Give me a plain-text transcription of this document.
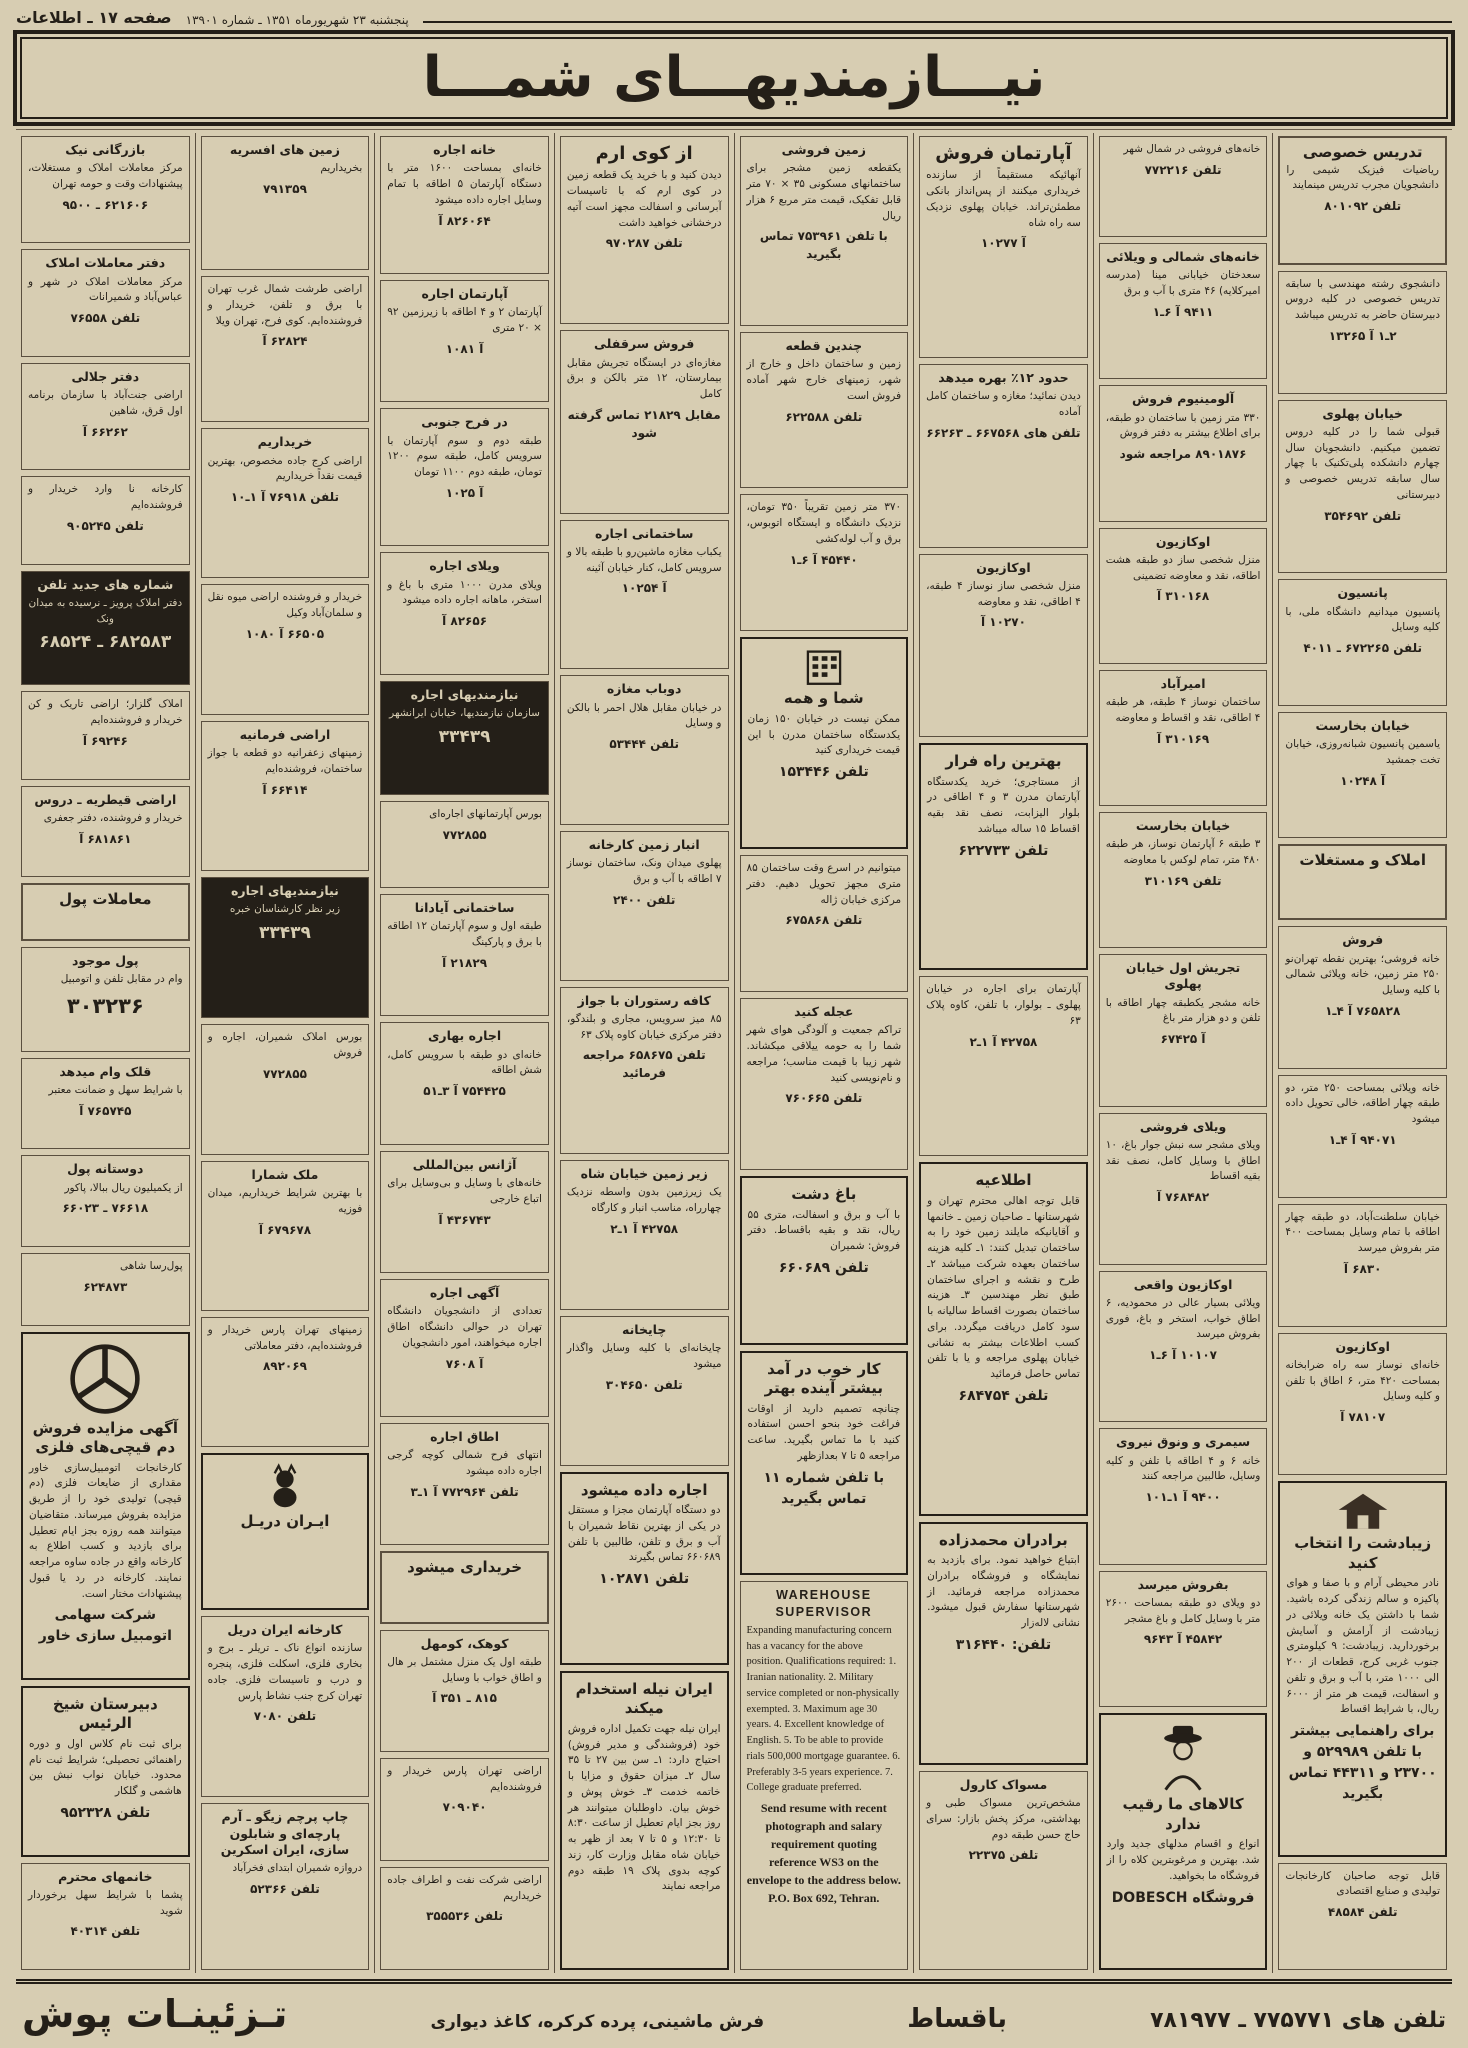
پنجشنبه ۲۳ شهریورماه ۱۳۵۱ ـ شماره ۱۳۹۰۱
صفحه ۱۷ ـ اطلاعات
نیـــازمندیهـــای شمـــا
تدریس خصوصی
ریاضیات فیزیک شیمی را دانشجویان مجرب تدریس مینمایند
تلفن ۸۰۱۰۹۲
دانشجوی رشته مهندسی با سابقه تدریس خصوصی در کلیه دروس دبیرستان حاضر به تدریس میباشد
۲ـ۱ آ ۱۳۲۶۵
خیابان پهلوی
قبولی شما را در کلیه دروس تضمین میکنیم. دانشجویان سال چهارم دانشکده پلی‌تکنیک با چهار سال سابقه تدریس خصوصی و دبیرستانی
تلفن ۳۵۴۶۹۲
پانسیون
پانسیون میدانیم دانشگاه ملی، با کلیه وسایل
تلفن ۶۷۲۲۶۵ ـ ۴۰۱۱
خیابان بخارست
یاسمین پانسیون شبانه‌روزی، خیابان تخت جمشید
آ ۱۰۲۴۸
املاک و مستغلات
فروش
خانه فروشی؛ بهترین نقطه تهران‌نو ۲۵۰ متر زمین، خانه ویلائی شمالی با کلیه وسایل
۷۶۵۸۲۸ آ ۴ـ۱
خانه ویلائی بمساحت ۲۵۰ متر، دو طبقه چهار اطاقه، خالی تحویل داده میشود
۹۴۰۷۱ آ ۴ـ۱
خیابان سلطنت‌آباد، دو طبقه چهار اطاقه با تمام وسایل بمساحت ۴۰۰ متر بفروش میرسد
۶۸۳۰ آ
اوکازیون
خانه‌ای نوساز سه راه ضرابخانه بمساحت ۴۲۰ متر، ۶ اطاق با تلفن و کلیه وسایل
۷۸۱۰۷ آ
زیبادشت را انتخاب کنید
نادر محیطی آرام و با صفا و هوای پاکیزه و سالم زندگی کرده باشید. شما با داشتن یک خانه ویلائی در زیبادشت از آرامش و آسایش برخوردارید. زیبادشت: ۹ کیلومتری جنوب غربی کرج، قطعات از ۲۰۰ الی ۱۰۰۰ متر، با آب و برق و تلفن و اسفالت، قیمت هر متر از ۶۰۰۰ ریال، با شرایط اقساط
برای راهنمایی بیشتر با تلفن ۵۲۹۹۸۹ و ۲۳۷۰۰ و ۴۴۳۱۱ تماس بگیرید
قابل توجه صاحبان کارخانجات تولیدی و صنایع اقتصادی
تلفن ۴۸۵۸۴
خانه‌های فروشی در شمال شهر
تلفن ۷۷۲۲۱۶
خانه‌های شمالی و ویلائی
سعدختان خیابانی مینا (مدرسه امیرکلایه) ۴۶ متری با آب و برق
۹۴۱۱ آ ۶ـ۱
آلومینیوم فروش
۳۳۰ متر زمین با ساختمان دو طبقه، برای اطلاع بیشتر به دفتر فروش
۸۹۰۱۸۷۶ مراجعه شود
اوکازیون
منزل شخصی ساز دو طبقه هشت اطاقه، نقد و معاوضه تضمینی
۳۱۰۱۶۸ آ
امیرآباد
ساختمان نوساز ۴ طبقه، هر طبقه ۴ اطاقی، نقد و اقساط و معاوضه
۳۱۰۱۶۹ آ
خیابان بخارست
۳ طبقه ۶ آپارتمان نوساز، هر طبقه ۴۸۰ متر، تمام لوکس با معاوضه
تلفن ۳۱۰۱۶۹
تجریش اول خیابان پهلوی
خانه مشجر یکطبقه چهار اطاقه با تلفن و دو هزار متر باغ
آ ۶۷۴۲۵
ویلای فروشی
ویلای مشجر سه نبش جوار باغ، ۱۰ اطاق با وسایل کامل، نصف نقد بقیه اقساط
۷۶۸۴۸۲ آ
اوکازیون واقعی
ویلائی بسیار عالی در محمودیه، ۶ اطاق خواب، استخر و باغ، فوری بفروش میرسد
۱۰۱۰۷ آ ۶ـ۱
سیمری و ونوق نیروی
خانه ۶ و ۴ اطاقه با تلفن و کلیه وسایل، طالبین مراجعه کنند
۹۴۰۰ آ ۱ـ۱۰۱
بفروش میرسد
دو ویلای دو طبقه بمساحت ۲۶۰۰ متر با وسایل کامل و باغ مشجر
۴۵۸۴۲ آ ۹۶۴۳
کالاهای ما رقیب ندارد
انواع و اقسام مدلهای جدید وارد شد. بهترین و مرغوبترین کلاه را از فروشگاه ما بخواهید.
فروشگاه DOBESCH
آپارتمان فروش
آنهائیکه مستقیماً از سازنده خریداری میکنند از پس‌انداز بانکی مطمئن‌تراند. خیابان پهلوی نزدیک سه راه شاه
آ ۱۰۲۷۷
حدود ۱۲٪ بهره میدهد
دیدن نمائید؛ مغازه و ساختمان کامل آماده
تلفن های ۶۶۷۵۶۸ ـ ۶۶۲۶۳
اوکازیون
منزل شخصی ساز نوساز ۴ طبقه، ۴ اطاقی، نقد و معاوضه
۱۰۲۷۰ آ
بهترین راه فرار
از مستاجری؛ خرید یکدستگاه آپارتمان مدرن ۳ و ۴ اطاقی در بلوار الیزابت، نصف نقد بقیه اقساط ۱۵ ساله میباشد
تلفن ۶۲۲۷۳۳
آپارتمان برای اجاره در خیابان پهلوی ـ بولوار، با تلفن، کاوه پلاک ۶۳
۴۲۷۵۸ آ ۱ـ۲
اطلاعیه
قابل توجه اهالی محترم تهران و شهرستانها ـ صاحبان زمین ـ خانمها و آقایانیکه مایلند زمین خود را به ساختمان تبدیل کنند: ۱ـ کلیه هزینه ساختمان بعهده شرکت میباشد ۲ـ طرح و نقشه و اجرای ساختمان طبق نظر مهندسین ۳ـ هزینه ساختمان بصورت اقساط سالیانه با سود کامل دریافت میگردد. برای کسب اطلاعات بیشتر به نشانی خیابان پهلوی مراجعه و یا با تلفن تماس حاصل فرمائید
تلفن ۶۸۴۷۵۴
برادران محمدزاده
ابتیاع خواهید نمود. برای بازدید به نمایشگاه و فروشگاه برادران محمدزاده مراجعه فرمائید. از شهرستانها سفارش قبول میشود. نشانی لاله‌زار
تلفن: ۳۱۶۴۴۰
مسواک کارول
مشخص‌ترین مسواک طبی و بهداشتی، مرکز پخش بازار: سرای حاج حسن طبقه دوم
تلفن ۲۲۳۷۵
زمین فروشی
یکقطعه زمین مشجر برای ساختمانهای مسکونی ۳۵ × ۷۰ متر قابل تفکیک، قیمت متر مربع ۶ هزار ریال
با تلفن ۷۵۳۹۶۱ تماس بگیرید
چندین قطعه
زمین و ساختمان داخل و خارج از شهر، زمینهای خارج شهر آماده فروش است
تلفن ۶۲۲۵۸۸
۳۷۰ متر زمین تقریباً ۳۵۰ تومان، نزدیک دانشگاه و ایستگاه اتوبوس، برق و آب لوله‌کشی
۴۵۴۴۰ آ ۶ـ۱
شما و همه
ممکن نیست در خیابان ۱۵۰ زمان یکدستگاه ساختمان مدرن با این قیمت خریداری کنید
تلفن ۱۵۳۴۴۶
میتوانیم در اسرع وقت ساختمان ۸۵ متری مجهز تحویل دهیم. دفتر مرکزی خیابان ژاله
تلفن ۶۷۵۸۶۸
عجله کنید
تراکم جمعیت و آلودگی هوای شهر شما را به حومه ییلاقی میکشاند. شهر زیبا با قیمت مناسب؛ مراجعه و نام‌نویسی کنید
تلفن ۷۶۰۶۶۵
باغ دشت
با آب و برق و اسفالت، متری ۵۵ ریال، نقد و بقیه باقساط. دفتر فروش: شمیران
تلفن ۶۶۰۶۸۹
کار خوب در آمد بیشتر آینده بهتر
چنانچه تصمیم دارید از اوقات فراغت خود بنحو احسن استفاده کنید با ما تماس بگیرید. ساعت مراجعه ۵ تا ۷ بعدازظهر
با تلفن شماره ۱۱ تماس بگیرید
WAREHOUSE SUPERVISOR
Expanding manufacturing concern has a vacancy for the above position. Qualifications required: 1. Iranian nationality. 2. Military service completed or non-physically exempted. 3. Maximum age 30 years. 4. Excellent knowledge of English. 5. To be able to provide rials 500,000 mortgage guarantee. 6. Preferably 3-5 years experience. 7. College graduate preferred.
Send resume with recent photograph and salary requirement quoting reference WS3 on the envelope to the address below. P.O. Box 692, Tehran.
از کوی ارم
دیدن کنید و با خرید یک قطعه زمین در کوی ارم که با تاسیسات آبرسانی و اسفالت مجهز است آتیه درخشانی خواهید داشت
تلفن ۹۷۰۲۸۷
فروش سرقفلی
مغازه‌ای در ایستگاه تجریش مقابل بیمارستان، ۱۲ متر بالکن و برق کامل
مقابل ۲۱۸۲۹ تماس گرفته شود
ساختمانی اجاره
یکباب مغازه ماشین‌رو با طبقه بالا و سرویس کامل، کنار خیابان آئینه
آ ۱۰۲۵۴
دوباب مغازه
در خیابان مقابل هلال احمر با بالکن و وسایل
تلفن ۵۳۴۴۴
انبار زمین کارخانه
پهلوی میدان ونک، ساختمان نوساز ۷ اطاقه با آب و برق
تلفن ۲۴۰۰
کافه رستوران با جواز
۸۵ میز سرویس، مجاری و بلندگو، دفتر مرکزی خیابان کاوه پلاک ۶۳
تلفن ۶۵۸۶۷۵ مراجعه فرمائید
زیر زمین خیابان شاه
یک زیرزمین بدون واسطه نزدیک چهارراه، مناسب انبار و کارگاه
۴۲۷۵۸ آ ۱ـ۲
چایخانه
چایخانه‌ای با کلیه وسایل واگذار میشود
تلفن ۳۰۴۶۵۰
اجاره داده میشود
دو دستگاه آپارتمان مجزا و مستقل در یکی از بهترین نقاط شمیران با آب و برق و تلفن، طالبین با تلفن ۶۶۰۶۸۹ تماس بگیرند
تلفن ۱۰۲۸۷۱
ایران نیله استخدام میکند
ایران نیله جهت تکمیل اداره فروش خود (فروشندگی و مدیر فروش) احتیاج دارد: ۱ـ سن بین ۲۷ تا ۳۵ سال ۲ـ میزان حقوق و مزایا با خاتمه خدمت ۳ـ خوش پوش و خوش بیان. داوطلبان میتوانند هر روز بجز ایام تعطیل از ساعت ۸:۳۰ تا ۱۲:۳۰ و ۵ تا ۷ بعد از ظهر به خیابان شاه مقابل وزارت کار، زند کوچه بدوی پلاک ۱۹ طبقه دوم مراجعه نمایند
خانه اجاره
خانه‌ای بمساحت ۱۶۰۰ متر با دستگاه آپارتمان ۵ اطاقه با تمام وسایل اجاره داده میشود
۸۲۶۰۶۴ آ
آپارتمان اجاره
آپارتمان ۲ و ۴ اطاقه با زیرزمین ۹۲ × ۲۰ متری
آ ۱۰۸۱
در فرح جنوبی
طبقه دوم و سوم آپارتمان با سرویس کامل، طبقه سوم ۱۲۰۰ تومان، طبقه دوم ۱۱۰۰ تومان
آ ۱۰۲۵
ویلای اجاره
ویلای مدرن ۱۰۰۰ متری با باغ و استخر، ماهانه اجاره داده میشود
۸۲۶۵۶ آ
نیازمندیهای اجاره
سازمان نیازمندیها، خیابان ایرانشهر
۳۳۴۳۹
بورس آپارتمانهای اجاره‌ای
۷۷۲۸۵۵
ساختمانی آیادانا
طبقه اول و سوم آپارتمان ۱۲ اطاقه با برق و پارکینگ
۲۱۸۲۹ آ
اجاره بهاری
خانه‌ای دو طبقه با سرویس کامل، شش اطاقه
۷۵۴۴۲۵ آ ۳ـ۵۱
آژانس بین‌المللی
خانه‌های با وسایل و بی‌وسایل برای اتباع خارجی
۴۳۶۷۴۳ آ
آگهی اجاره
تعدادی از دانشجویان دانشگاه تهران در حوالی دانشگاه اطاق اجاره میخواهند، امور دانشجویان
آ ۷۶۰۸
اطاق اجاره
انتهای فرح شمالی کوچه گرجی اجاره داده میشود
تلفن ۷۷۲۹۶۴ آ ۱ـ۳
خریداری میشود
کوهک، کومهل
طبقه اول یک منزل مشتمل بر هال و اطاق خواب با وسایل
۸۱۵ ـ ۳۵۱ آ
اراضی تهران پارس خریدار و فروشنده‌ایم
۷۰۹۰۴۰
اراضی شرکت نفت و اطراف جاده خریداریم
تلفن ۳۵۵۵۳۶
زمین های افسریه
بخریداریم
۷۹۱۳۵۹
اراضی طرشت شمال غرب تهران با برق و تلفن، خریدار و فروشنده‌ایم. کوی فرح، تهران ویلا
۶۲۸۲۴ آ
خریداریم
اراضی کرج جاده مخصوص، بهترین قیمت نقداً خریداریم
تلفن ۷۶۹۱۸ آ ۱ـ۱۰
خریدار و فروشنده اراضی میوه نقل و سلمان‌آباد وکیل
۶۶۵۰۵ آ ۱۰۸۰
اراضی فرمانیه
زمینهای زعفرانیه دو قطعه با جواز ساختمان، فروشنده‌ایم
۶۶۴۱۴ آ
نیازمندیهای اجاره
زیر نظر کارشناسان خبره
۳۳۴۳۹
بورس املاک شمیران، اجاره و فروش
۷۷۲۸۵۵
ملک شمارا
با بهترین شرایط خریداریم، میدان فوزیه
۶۷۹۶۷۸ آ
زمینهای تهران پارس خریدار و فروشنده‌ایم، دفتر معاملاتی
۸۹۲۰۶۹
ایـران دریـل
کارخانه ایران دریل
سازنده انواع ناک ـ تریلر ـ برج و بخاری فلزی، اسکلت فلزی، پنجره و درب و تاسیسات فلزی. جاده تهران کرج جنب نشاط پارس
تلفن ۷۰۸۰
چاپ پرچم زیگو ـ آرم پارچه‌ای و شابلون سازی، ایران اسکرین
دروازه شمیران ابتدای فخرآباد
تلفن ۵۲۳۶۶
بازرگانی نیک
مرکز معاملات املاک و مستغلات، پیشنهادات وقت و حومه تهران
۶۲۱۶۰۶ ـ ۹۵۰۰
دفتر معاملات املاک
مرکز معاملات املاک در شهر و عباس‌آباد و شمیرانات
تلفن ۷۶۵۵۸
دفتر جلالی
اراضی جنت‌آباد با سازمان برنامه اول قرق، شاهین
۶۶۲۶۲ آ
کارخانه نا وارد خریدار و فروشنده‌ایم
تلفن ۹۰۵۲۴۵
شماره های جدید تلفن
دفتر املاک پرویز ـ نرسیده به میدان ونک
۶۸۲۵۸۳ ـ ۶۸۵۲۴
املاک گلزار؛ اراضی تاریک و کن خریدار و فروشنده‌ایم
۶۹۲۴۶ آ
اراضی قیطریه ـ دروس
خریدار و فروشنده، دفتر جعفری
۶۸۱۸۶۱ آ
معاملات پول
پول موجود
وام در مقابل تلفن و اتومبیل
۳۰۳۲۳۶
قلک وام میدهد
با شرایط سهل و ضمانت معتبر
۷۶۵۷۴۵ آ
دوستانه پول
از یکمیلیون ریال ببالا، پاکور
۷۶۶۱۸ ـ ۶۶۰۲۳
پول‌رسا شاهی
۶۲۴۸۷۳
آگهی مزایده فروش دم قیچی‌های فلزی
کارخانجات اتومبیل‌سازی خاور مقداری از ضایعات فلزی (دم قیچی) تولیدی خود را از طریق مزایده بفروش میرساند. متقاضیان میتوانند همه روزه بجز ایام تعطیل برای بازدید و کسب اطلاع به کارخانه واقع در جاده ساوه مراجعه نمایند. کارخانه در رد یا قبول پیشنهادات مختار است.
شرکت سهامی اتومبیل سازی خاور
دبیرستان شیخ الرئیس
برای ثبت نام کلاس اول و دوره راهنمائی تحصیلی؛ شرایط ثبت نام محدود. خیابان نواب نبش بین هاشمی و گلکار
تلفن ۹۵۲۳۲۸
خانمهای محترم
پشما با شرایط سهل برخوردار شوید
تلفن ۴۰۳۱۴
تـزئینـات پوش	فرش ماشینی، پرده کرکره، کاغذ دیواری	باقساط	تلفن های ۷۷۵۷۷۱ ـ ۷۸۱۹۷۷
